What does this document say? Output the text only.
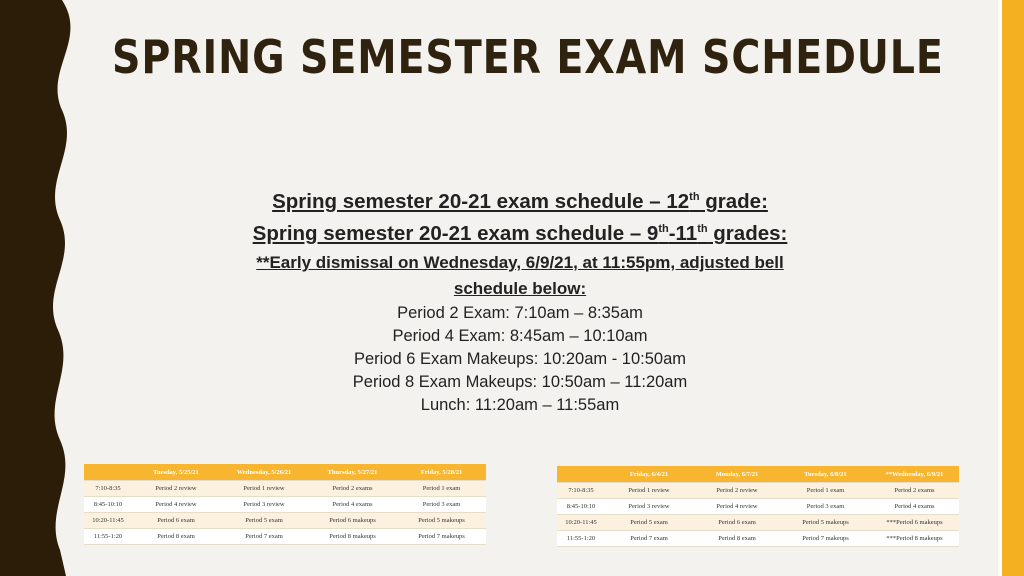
SPRING SEMESTER EXAM SCHEDULE
Spring semester 20-21 exam schedule – 12th grade:
Spring semester 20-21 exam schedule – 9th-11th grades:
**Early dismissal on Wednesday, 6/9/21, at 11:55pm, adjusted bell
schedule below:
Period 2 Exam: 7:10am – 8:35am
Period 4 Exam: 8:45am – 10:10am
Period 6 Exam Makeups: 10:20am - 10:50am
Period 8 Exam Makeups: 10:50am – 11:20am
Lunch: 11:20am – 11:55am
	Tuesday, 5/25/21	Wednesday, 5/26/21	Thursday, 5/27/21	Friday, 5/28/21
7:10-8:35	Period 2 review	Period 1 review	Period 2 exams	Period 1 exam
8:45-10:10	Period 4 review	Period 3 review	Period 4 exams	Period 3 exam
10:20-11:45	Period 6 exam	Period 5 exam	Period 6 makeups	Period 5 makeups
11:55-1:20	Period 8 exam	Period 7 exam	Period 8 makeups	Period 7 makeups
	Friday, 6/4/21	Monday, 6/7/21	Tuesday, 6/8/21	**Wednesday, 6/9/21
7:10-8:35	Period 1 review	Period 2 review	Period 1 exam	Period 2 exams
8:45-10:10	Period 3 review	Period 4 review	Period 3 exam	Period 4 exams
10:20-11:45	Period 5 exam	Period 6 exam	Period 5 makeups	***Period 6 makeups
11:55-1:20	Period 7 exam	Period 8 exam	Period 7 makeups	***Period 8 makeups
